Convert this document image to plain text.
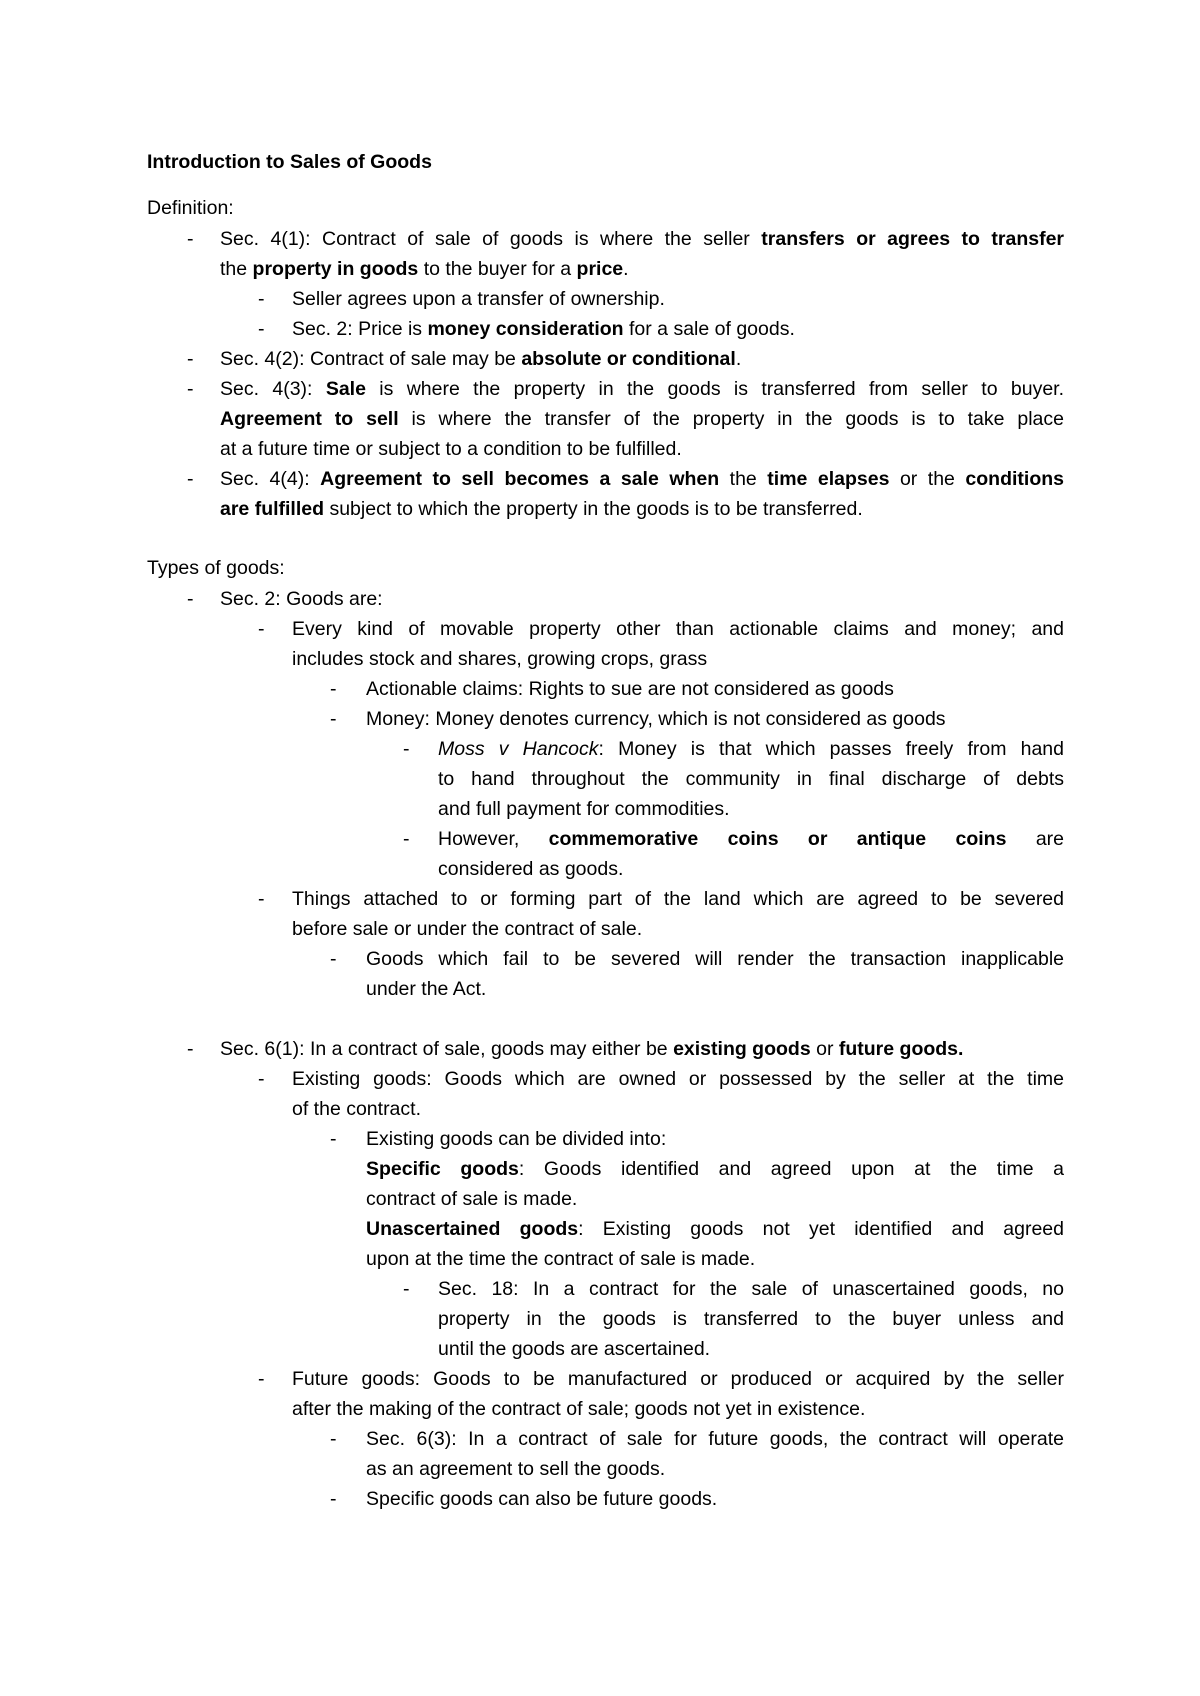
Introduction to Sales of Goods
Definition:
Types of goods:
- Sec. 4(1): Contract of sale of goods is where the seller transfers or agrees to transfer
the property in goods to the buyer for a price.
- Seller agrees upon a transfer of ownership.
- Sec. 2: Price is money consideration for a sale of goods.
- Sec. 4(2): Contract of sale may be absolute or conditional.
- Sec. 4(3): Sale is where the property in the goods is transferred from seller to buyer.
Agreement to sell is where the transfer of the property in the goods is to take place
at a future time or subject to a condition to be fulfilled.
- Sec. 4(4): Agreement to sell becomes a sale when the time elapses or the conditions
are fulfilled subject to which the property in the goods is to be transferred.
- Sec. 2: Goods are:
- Every kind of movable property other than actionable claims and money; and
includes stock and shares, growing crops, grass
- Actionable claims: Rights to sue are not considered as goods
- Money: Money denotes currency, which is not considered as goods
- Moss v Hancock: Money is that which passes freely from hand
to hand throughout the community in final discharge of debts
and full payment for commodities.
- However, commemorative coins or antique coins are
considered as goods.
- Things attached to or forming part of the land which are agreed to be severed
before sale or under the contract of sale.
- Goods which fail to be severed will render the transaction inapplicable
under the Act.
- Sec. 6(1): In a contract of sale, goods may either be existing goods or future goods.
- Existing goods: Goods which are owned or possessed by the seller at the time
of the contract.
- Existing goods can be divided into:
Specific goods: Goods identified and agreed upon at the time a
contract of sale is made.
Unascertained goods: Existing goods not yet identified and agreed
upon at the time the contract of sale is made.
- Sec. 18: In a contract for the sale of unascertained goods, no
property in the goods is transferred to the buyer unless and
until the goods are ascertained.
- Future goods: Goods to be manufactured or produced or acquired by the seller
after the making of the contract of sale; goods not yet in existence.
- Sec. 6(3): In a contract of sale for future goods, the contract will operate
as an agreement to sell the goods.
- Specific goods can also be future goods.
